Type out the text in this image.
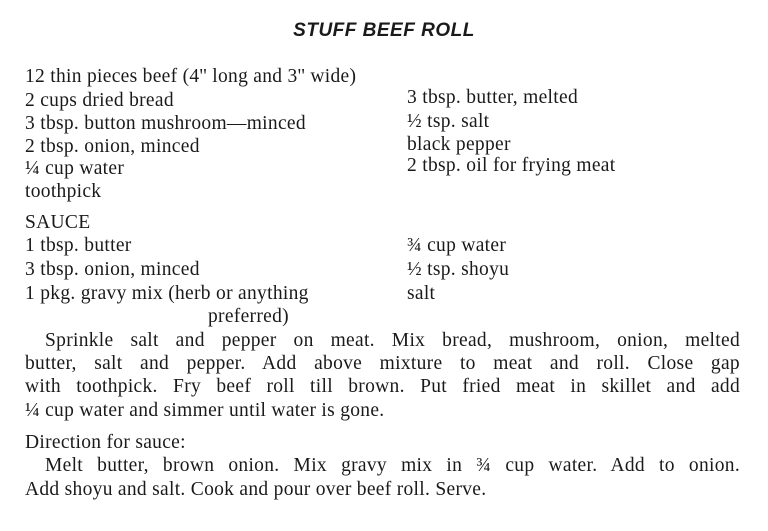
STUFF BEEF ROLL
12 thin pieces beef (4'' long and 3'' wide)
2 cups dried bread
3 tbsp. button mushroom—minced
2 tbsp. onion, minced
¼ cup water
toothpick
3 tbsp. butter, melted
½ tsp. salt
black pepper
2 tbsp. oil for frying meat
SAUCE
1 tbsp. butter
3 tbsp. onion, minced
1 pkg. gravy mix (herb or anything
preferred)
¾ cup water
½ tsp. shoyu
salt
Sprinkle salt and pepper on meat. Mix bread, mushroom, onion, melted
butter, salt and pepper. Add above mixture to meat and roll. Close gap
with toothpick. Fry beef roll till brown. Put fried meat in skillet and add
¼ cup water and simmer until water is gone.
Direction for sauce:
Melt butter, brown onion. Mix gravy mix in ¾ cup water. Add to onion.
Add shoyu and salt. Cook and pour over beef roll. Serve.
